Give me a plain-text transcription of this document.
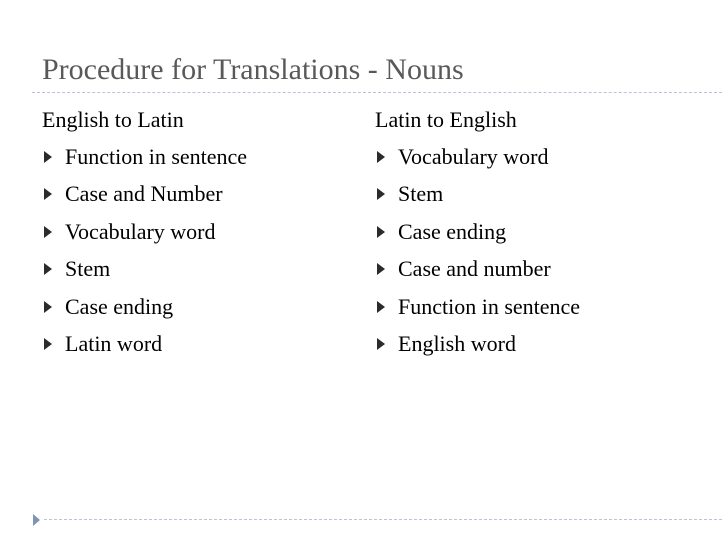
Procedure for Translations - Nouns
English to Latin
Function in sentence
Case and Number
Vocabulary word
Stem
Case ending
Latin word
Latin to English
Vocabulary word
Stem
Case ending
Case and number
Function in sentence
English word
